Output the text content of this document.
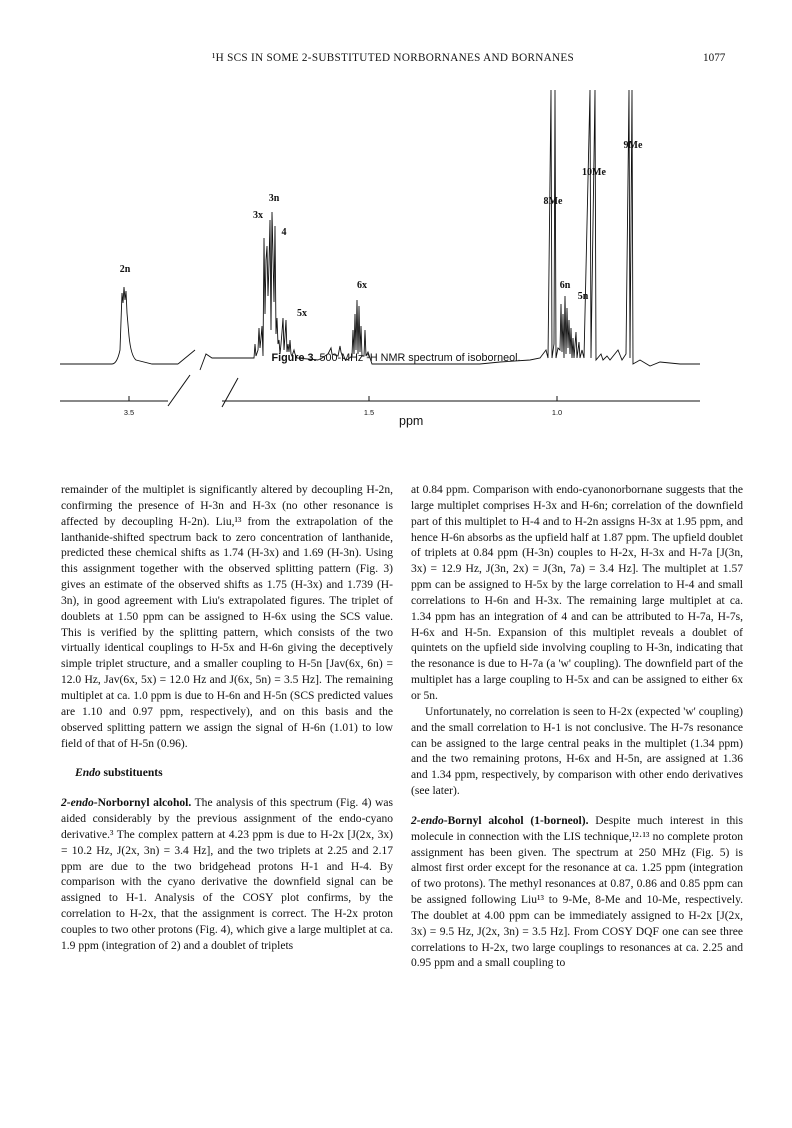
¹H SCS IN SOME 2-SUBSTITUTED NORBORNANES AND BORNANES	1077
3.5	1.5	1.0
ppm
2n
3x
3n
4
5x
6x
8Me
10Me
9Me
6n
5n
Figure 3. 500-MHz ¹H NMR spectrum of isoborneol.

remainder of the multiplet is significantly altered by decoupling H-2n, confirming the presence of H-3n and H-3x (no other resonance is affected by decoupling H-2n). Liu,¹³ from the extrapolation of the lanthanide-shifted spectrum back to zero concentration of lanthanide, predicted these chemical shifts as 1.74 (H-3x) and 1.69 (H-3n). Using this assignment together with the observed splitting pattern (Fig. 3) gives an estimate of the observed shifts as 1.75 (H-3x) and 1.739 (H-3n), in good agreement with Liu's extrapolated figures. The triplet of doublets at 1.50 ppm can be assigned to H-6x using the SCS value. This is verified by the splitting pattern, which consists of the two virtually identical couplings to H-5x and H-6n giving the deceptively simple triplet structure, and a smaller coupling to H-5n [Jav(6x, 6n) = 12.0 Hz, Jav(6x, 5x) = 12.0 Hz and J(6x, 5n) = 3.5 Hz]. The remaining multiplet at ca. 1.0 ppm is due to H-6n and H-5n (SCS predicted values are 1.10 and 0.97 ppm, respectively), and on this basis and the observed splitting pattern we assign the signal of H-6n (1.01) to low field of that of H-5n (0.96).

Endo substituents

2-endo-Norbornyl alcohol. The analysis of this spectrum (Fig. 4) was aided considerably by the previous assignment of the endo-cyano derivative.³ The complex pattern at 4.23 ppm is due to H-2x [J(2x, 3x) = 10.2 Hz, J(2x, 3n) = 3.4 Hz], and the two triplets at 2.25 and 2.17 ppm are due to the two bridgehead protons H-1 and H-4. By comparison with the cyano derivative the downfield signal can be assigned to H-1. Analysis of the COSY plot confirms, by the correlation to H-2x, that the assignment is correct. The H-2x proton couples to two other protons (Fig. 4), which give a large multiplet at ca. 1.9 ppm (integration of 2) and a doublet of triplets

at 0.84 ppm. Comparison with endo-cyanonorbornane suggests that the large multiplet comprises H-3x and H-6n; correlation of the downfield part of this multiplet to H-4 and to H-2n assigns H-3x at 1.95 ppm, and hence H-6n absorbs as the upfield half at 1.87 ppm. The upfield doublet of triplets at 0.84 ppm (H-3n) couples to H-2x, H-3x and H-7a [J(3n, 3x) = 12.9 Hz, J(3n, 2x) = J(3n, 7a) = 3.4 Hz]. The multiplet at 1.57 ppm can be assigned to H-5x by the large correlation to H-4 and small correlations to H-6n and H-3x. The remaining large multiplet at ca. 1.34 ppm has an integration of 4 and can be attributed to H-7a, H-7s, H-6x and H-5n. Expansion of this multiplet reveals a doublet of quintets on the upfield side involving coupling to H-3n, indicating that the resonance is due to H-7a (a 'w' coupling). The downfield part of the multiplet has a large coupling to H-5x and can be assigned to either 6x or 5n.

Unfortunately, no correlation is seen to H-2x (expected 'w' coupling) and the small correlation to H-1 is not conclusive. The H-7s resonance can be assigned to the large central peaks in the multiplet (1.34 ppm) and the two remaining protons, H-6x and H-5n, are assigned at 1.36 and 1.34 ppm, respectively, by comparison with other endo derivatives (see later).

2-endo-Bornyl alcohol (1-borneol). Despite much interest in this molecule in connection with the LIS technique,¹²·¹³ no complete proton assignment has been given. The spectrum at 250 MHz (Fig. 5) is almost first order except for the resonance at ca. 1.25 ppm (integration of two protons). The methyl resonances at 0.87, 0.86 and 0.85 ppm can be assigned following Liu¹³ to 9-Me, 8-Me and 10-Me, respectively. The doublet at 4.00 ppm can be immediately assigned to H-2x [J(2x, 3x) = 9.5 Hz, J(2x, 3n) = 3.5 Hz]. From COSY DQF one can see three correlations to H-2x, two large couplings to resonances at ca. 2.25 and 0.95 ppm and a small coupling to
